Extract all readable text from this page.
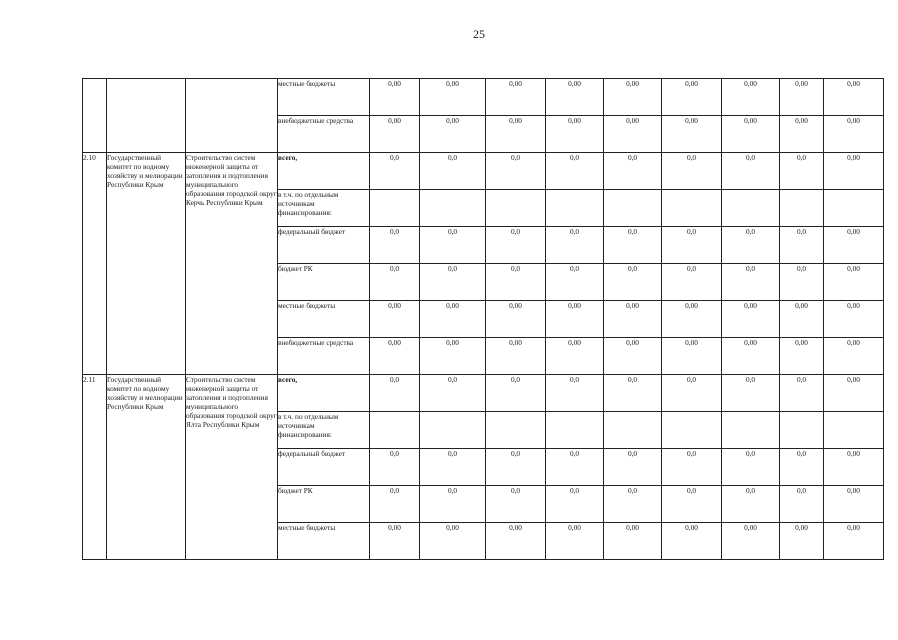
25
			местные бюджеты	0,00	0,00	0,00	0,00	0,00	0,00	0,00	0,00	0,00
			внебюджетные средства	0,00	0,00	0,00	0,00	0,00	0,00	0,00	0,00	0,00
2.10	Государственный комитет по водному хозяйству и мелиорации Республики Крым	Строительство систем инженерной защиты от затопления и подтопления муниципального образования городской округ Керчь Республики Крым	всего,	0,0	0,0	0,0	0,0	0,0	0,0	0,0	0,0	0,00
			в т.ч. по отдельным источникам финансирования:									
			федеральный бюджет	0,0	0,0	0,0	0,0	0,0	0,0	0,0	0,0	0,00
			бюджет РК	0,0	0,0	0,0	0,0	0,0	0,0	0,0	0,0	0,00
			местные бюджеты	0,00	0,00	0,00	0,00	0,00	0,00	0,00	0,00	0,00
			внебюджетные средства	0,00	0,00	0,00	0,00	0,00	0,00	0,00	0,00	0,00
2.11	Государственный комитет по водному хозяйству и мелиорации Республики Крым	Строительство систем инженерной защиты от затопления и подтопления муниципального образования городской округ Ялта Республики Крым	всего,	0,0	0,0	0,0	0,0	0,0	0,0	0,0	0,0	0,00
			в т.ч. по отдельным источникам финансирования:									
			федеральный бюджет	0,0	0,0	0,0	0,0	0,0	0,0	0,0	0,0	0,00
			бюджет РК	0,0	0,0	0,0	0,0	0,0	0,0	0,0	0,0	0,00
			местные бюджеты	0,00	0,00	0,00	0,00	0,00	0,00	0,00	0,00	0,00
